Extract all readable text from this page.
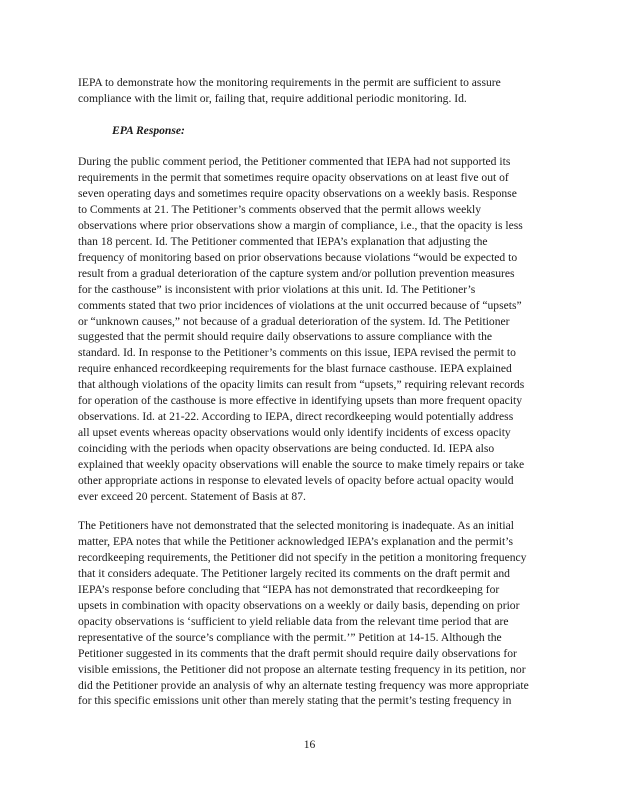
IEPA to demonstrate how the monitoring requirements in the permit are sufficient to assure
compliance with the limit or, failing that, require additional periodic monitoring. Id.

EPA Response:

During the public comment period, the Petitioner commented that IEPA had not supported its
requirements in the permit that sometimes require opacity observations on at least five out of
seven operating days and sometimes require opacity observations on a weekly basis. Response
to Comments at 21. The Petitioner’s comments observed that the permit allows weekly
observations where prior observations show a margin of compliance, i.e., that the opacity is less
than 18 percent. Id. The Petitioner commented that IEPA’s explanation that adjusting the
frequency of monitoring based on prior observations because violations “would be expected to
result from a gradual deterioration of the capture system and/or pollution prevention measures
for the casthouse” is inconsistent with prior violations at this unit. Id. The Petitioner’s
comments stated that two prior incidences of violations at the unit occurred because of “upsets”
or “unknown causes,” not because of a gradual deterioration of the system. Id. The Petitioner
suggested that the permit should require daily observations to assure compliance with the
standard. Id. In response to the Petitioner’s comments on this issue, IEPA revised the permit to
require enhanced recordkeeping requirements for the blast furnace casthouse. IEPA explained
that although violations of the opacity limits can result from “upsets,” requiring relevant records
for operation of the casthouse is more effective in identifying upsets than more frequent opacity
observations. Id. at 21-22. According to IEPA, direct recordkeeping would potentially address
all upset events whereas opacity observations would only identify incidents of excess opacity
coinciding with the periods when opacity observations are being conducted. Id. IEPA also
explained that weekly opacity observations will enable the source to make timely repairs or take
other appropriate actions in response to elevated levels of opacity before actual opacity would
ever exceed 20 percent. Statement of Basis at 87.

The Petitioners have not demonstrated that the selected monitoring is inadequate. As an initial
matter, EPA notes that while the Petitioner acknowledged IEPA’s explanation and the permit’s
recordkeeping requirements, the Petitioner did not specify in the petition a monitoring frequency
that it considers adequate. The Petitioner largely recited its comments on the draft permit and
IEPA’s response before concluding that “IEPA has not demonstrated that recordkeeping for
upsets in combination with opacity observations on a weekly or daily basis, depending on prior
opacity observations is ‘sufficient to yield reliable data from the relevant time period that are
representative of the source’s compliance with the permit.’” Petition at 14-15. Although the
Petitioner suggested in its comments that the draft permit should require daily observations for
visible emissions, the Petitioner did not propose an alternate testing frequency in its petition, nor
did the Petitioner provide an analysis of why an alternate testing frequency was more appropriate
for this specific emissions unit other than merely stating that the permit’s testing frequency in

16
